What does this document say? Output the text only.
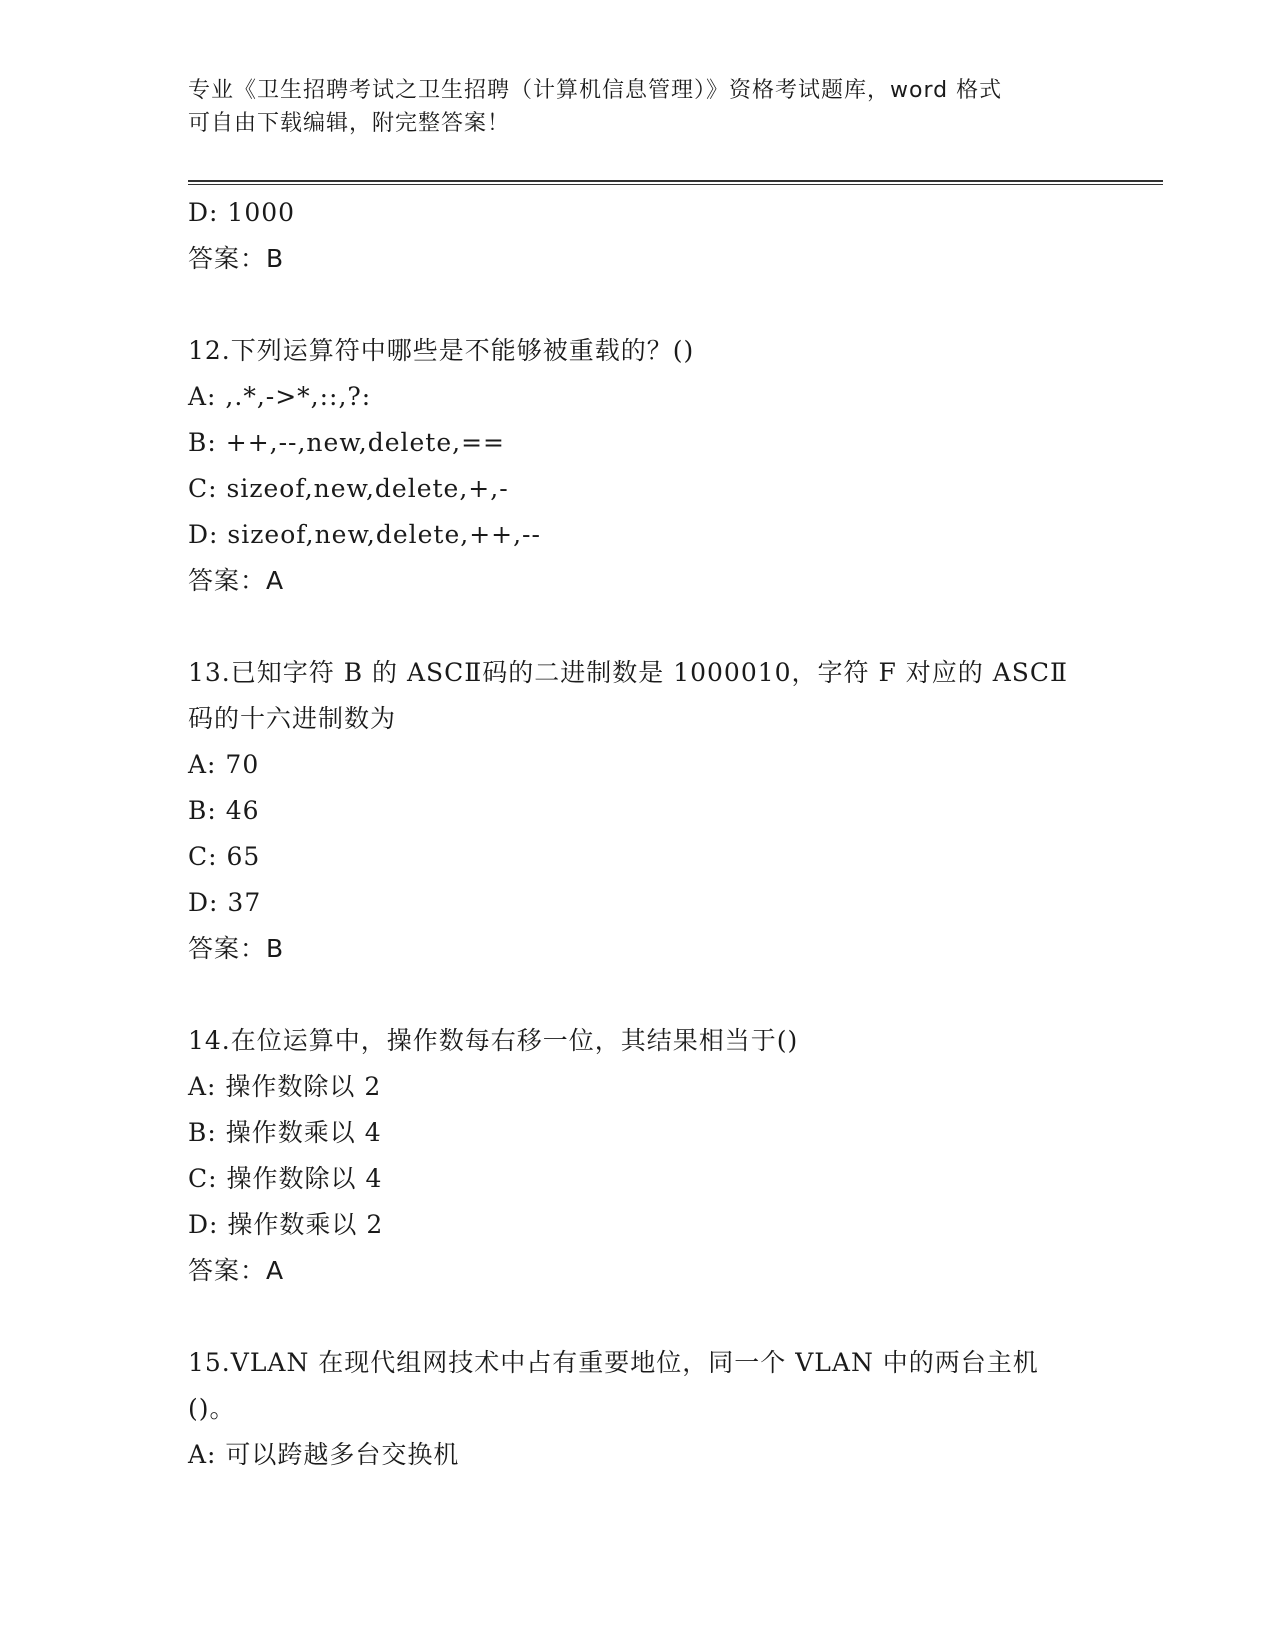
专业《卫生招聘考试之卫生招聘（计算机信息管理）》资格考试题库，word 格式
可自由下载编辑，附完整答案！
D: 1000
答案：B
12.下列运算符中哪些是不能够被重载的？()
A: ,.*,->*,::,?:
B: ++,--,new,delete,==
C: sizeof,new,delete,+,-
D: sizeof,new,delete,++,--
答案：A
13.已知字符 B 的 ASCⅡ码的二进制数是 1000010，字符 F 对应的 ASCⅡ
码的十六进制数为
A: 70
B: 46
C: 65
D: 37
答案：B
14.在位运算中，操作数每右移一位，其结果相当于()
A: 操作数除以 2
B: 操作数乘以 4
C: 操作数除以 4
D: 操作数乘以 2
答案：A
15.VLAN 在现代组网技术中占有重要地位，同一个 VLAN 中的两台主机
()。
A: 可以跨越多台交换机
